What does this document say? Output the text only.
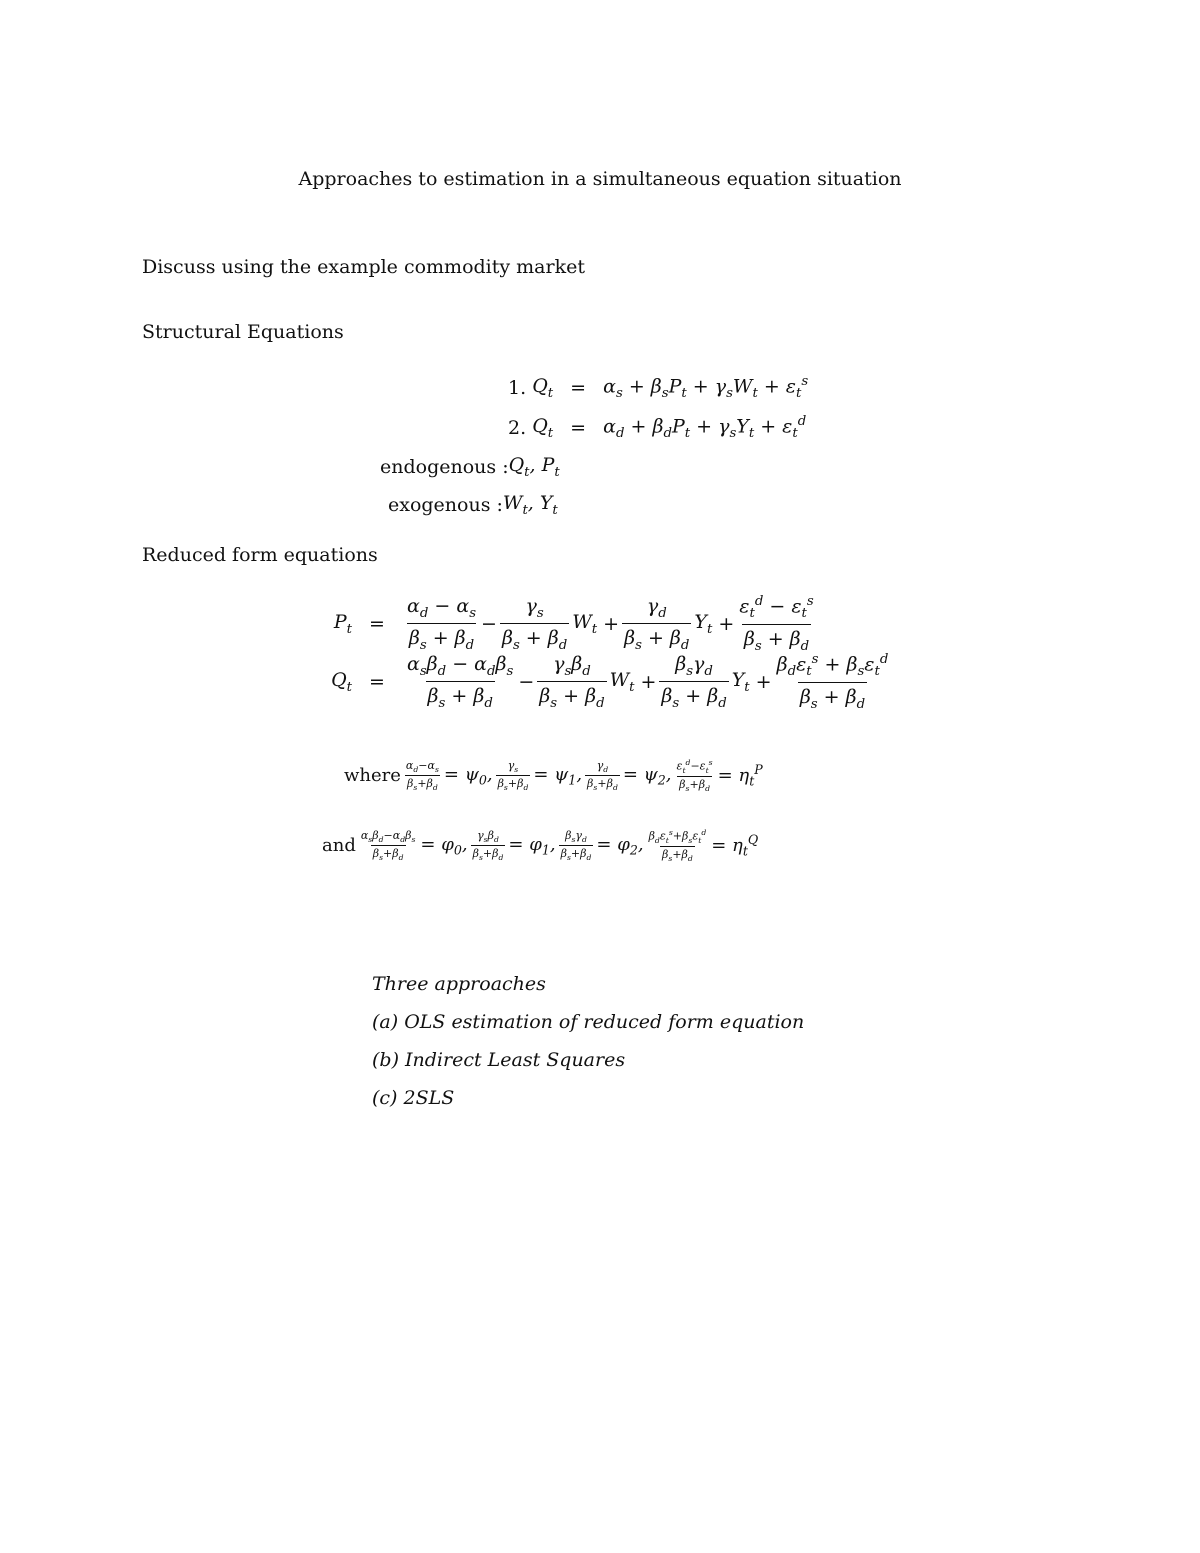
Approaches to estimation in a simultaneous equation situation
Discuss using the example commodity market
Structural Equations
1.
$Q_t = \alpha_s + \beta_sP_t + \gamma_sW_t + \varepsilon_t^s$
2.
$Q_t = \alpha_d + \beta_dP_t + \gamma_sY_t + \varepsilon_t^d$
endogenous : $Q_t$, $P_t$
exogenous : $W_t$, $Y_t$
Reduced form equations
$P_t$ =	$\frac{\alpha_d - \alpha_s}{\beta_s + \beta_d} - \frac{\gamma_s}{\beta_s + \beta_d} W_t + \frac{\gamma_d}{\beta_s + \beta_d} Y_t + \frac{\varepsilon_t^d - \varepsilon_t^s}{\beta_s + \beta_d}$
$Q_t$ =	$\frac{\alpha_s\beta_d - \alpha_d\beta_s}{\beta_s + \beta_d} - \frac{\gamma_s\beta_d}{\beta_s + \beta_d} W_t + \frac{\beta_s\gamma_d}{\beta_s + \beta_d} Y_t + \frac{\beta_d\varepsilon_t^s + \beta_s\varepsilon_t^d}{\beta_s + \beta_d}$
where $\frac{\alpha_d-\alpha_s}{\beta_s+\beta_d} = \psi_0$, $\frac{\gamma_s}{\beta_s+\beta_d} = \psi_1$, $\frac{\gamma_d}{\beta_s+\beta_d} = \psi_2$, $\varepsilon_t^d-\varepsilon_t^s$
$\beta_s+\beta_d$
= $\eta_t^P$
and $\alpha_s\beta_d-\alpha_d\beta_s$
$\beta_s+\beta_d$
= $\varphi_0$, $\gamma_s\beta_d$
$\beta_s+\beta_d$
= $\varphi_1$, $\beta_s\gamma_d$
$\beta_s+\beta_d$
= $\varphi_2$, $\beta_d\varepsilon_t^s+\beta_s\varepsilon_t^d$
$\beta_s+\beta_d$
= $\eta_t^Q$
Three approaches
(a) OLS estimation of reduced form equation
(b) Indirect Least Squares
(c) 2SLS
